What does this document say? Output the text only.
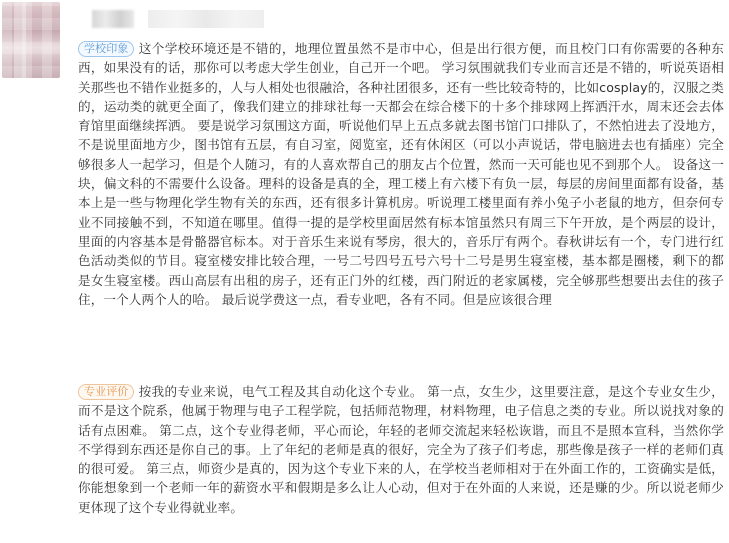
学校印象 这个学校环境还是不错的，地理位置虽然不是市中心，但是出行很方便，而且校门口有你需要的各种东西，如果没有的话，那你可以考虑大学生创业，自己开一个吧。 学习氛围就我们专业而言还是不错的，听说英语相关那些也不错作业挺多的，人与人相处也很融洽，各种社团很多，还有一些比较奇特的，比如cosplay的，汉服之类的，运动类的就更全面了，像我们建立的排球社每一天都会在综合楼下的十多个排球网上挥洒汗水，周末还会去体育馆里面继续挥洒。 要是说学习氛围这方面，听说他们早上五点多就去图书馆门口排队了，不然怕进去了没地方，不是说里面地方少，图书馆有五层，有自习室，阅览室，还有休闲区（可以小声说话，带电脑进去也有插座）完全够很多人一起学习，但是个人随习，有的人喜欢帮自己的朋友占个位置，然而一天可能也见不到那个人。 设备这一块，偏文科的不需要什么设备。理科的设备是真的全，理工楼上有六楼下有负一层，每层的房间里面都有设备，基本上是一些与物理化学生物有关的东西，还有很多计算机房。听说理工楼里面有养小兔子小老鼠的地方，但奈何专业不同接触不到，不知道在哪里。值得一提的是学校里面居然有标本馆虽然只有周三下午开放，是个两层的设计，里面的内容基本是骨骼器官标本。对于音乐生来说有琴房，很大的，音乐厅有两个。春秋讲坛有一个，专门进行红色活动类似的节目。寝室楼安排比较合理，一号二号四号五号六号十二号是男生寝室楼，基本都是圈楼，剩下的都是女生寝室楼。西山高层有出租的房子，还有正门外的红楼，西门附近的老家属楼，完全够那些想要出去住的孩子住，一个人两个人的哈。 最后说学费这一点，看专业吧，各有不同。但是应该很合理
专业评价 按我的专业来说，电气工程及其自动化这个专业。 第一点，女生少，这里要注意，是这个专业女生少，而不是这个院系，他属于物理与电子工程学院，包括师范物理，材料物理，电子信息之类的专业。所以说找对象的话有点困难。 第二点，这个专业得老师，平心而论，年轻的老师交流起来轻松诙谐，而且不是照本宣科，当然你学不学得到东西还是你自己的事。上了年纪的老师是真的很好，完全为了孩子们考虑，那些像是孩子一样的老师们真的很可爱。 第三点，师资少是真的，因为这个专业下来的人，在学校当老师相对于在外面工作的，工资确实是低，你能想象到一个老师一年的薪资水平和假期是多么让人心动，但对于在外面的人来说，还是赚的少。所以说老师少更体现了这个专业得就业率。
